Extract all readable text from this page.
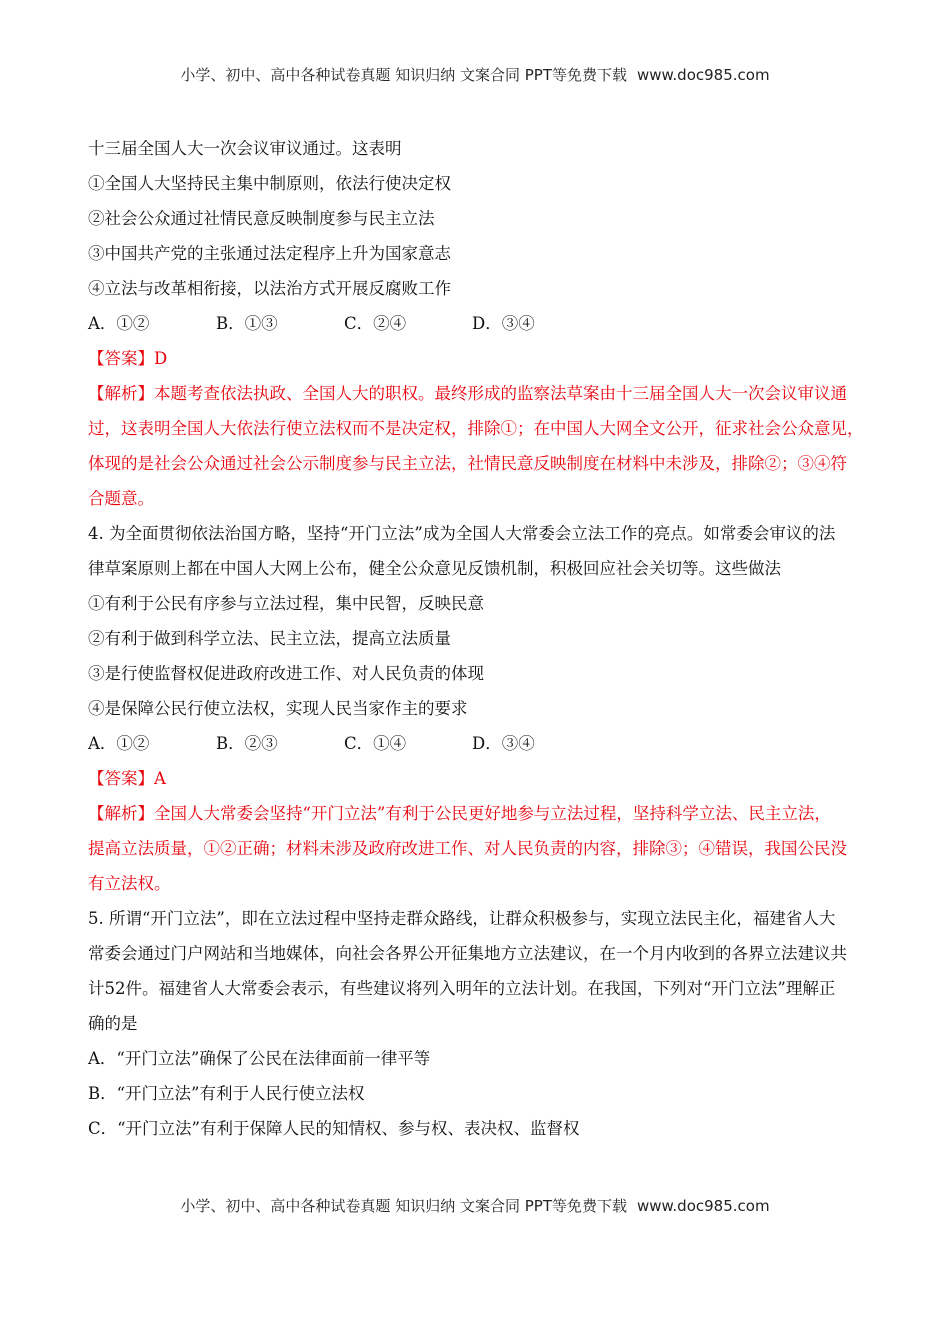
小学、初中、高中各种试卷真题 知识归纳 文案合同 PPT等免费下载 www.doc985.com
十三届全国人大一次会议审议通过。这表明
①全国人大坚持民主集中制原则，依法行使决定权
②社会公众通过社情民意反映制度参与民主立法
③中国共产党的主张通过法定程序上升为国家意志
④立法与改革相衔接，以法治方式开展反腐败工作
A．①②	B．①③	C．②④	D．③④
【答案】D
【解析】本题考查依法执政、全国人大的职权。最终形成的监察法草案由十三届全国人大一次会议审议通
过，这表明全国人大依法行使立法权而不是决定权，排除①；在中国人大网全文公开，征求社会公众意见，
体现的是社会公众通过社会公示制度参与民主立法，社情民意反映制度在材料中未涉及，排除②；③④符
合题意。
4. 为全面贯彻依法治国方略，坚持“开门立法”成为全国人大常委会立法工作的亮点。如常委会审议的法
律草案原则上都在中国人大网上公布，健全公众意见反馈机制，积极回应社会关切等。这些做法
①有利于公民有序参与立法过程，集中民智，反映民意
②有利于做到科学立法、民主立法，提高立法质量
③是行使监督权促进政府改进工作、对人民负责的体现
④是保障公民行使立法权，实现人民当家作主的要求
A．①②	B．②③	C．①④	D．③④
【答案】A
【解析】全国人大常委会坚持“开门立法”有利于公民更好地参与立法过程，坚持科学立法、民主立法，
提高立法质量，①②正确；材料未涉及政府改进工作、对人民负责的内容，排除③；④错误，我国公民没
有立法权。
5. 所谓“开门立法”，即在立法过程中坚持走群众路线，让群众积极参与，实现立法民主化，福建省人大
常委会通过门户网站和当地媒体，向社会各界公开征集地方立法建议，在一个月内收到的各界立法建议共
计52件。福建省人大常委会表示，有些建议将列入明年的立法计划。在我国，下列对“开门立法”理解正
确的是
A．“开门立法”确保了公民在法律面前一律平等
B．“开门立法”有利于人民行使立法权
C．“开门立法”有利于保障人民的知情权、参与权、表决权、监督权
小学、初中、高中各种试卷真题 知识归纳 文案合同 PPT等免费下载 www.doc985.com
